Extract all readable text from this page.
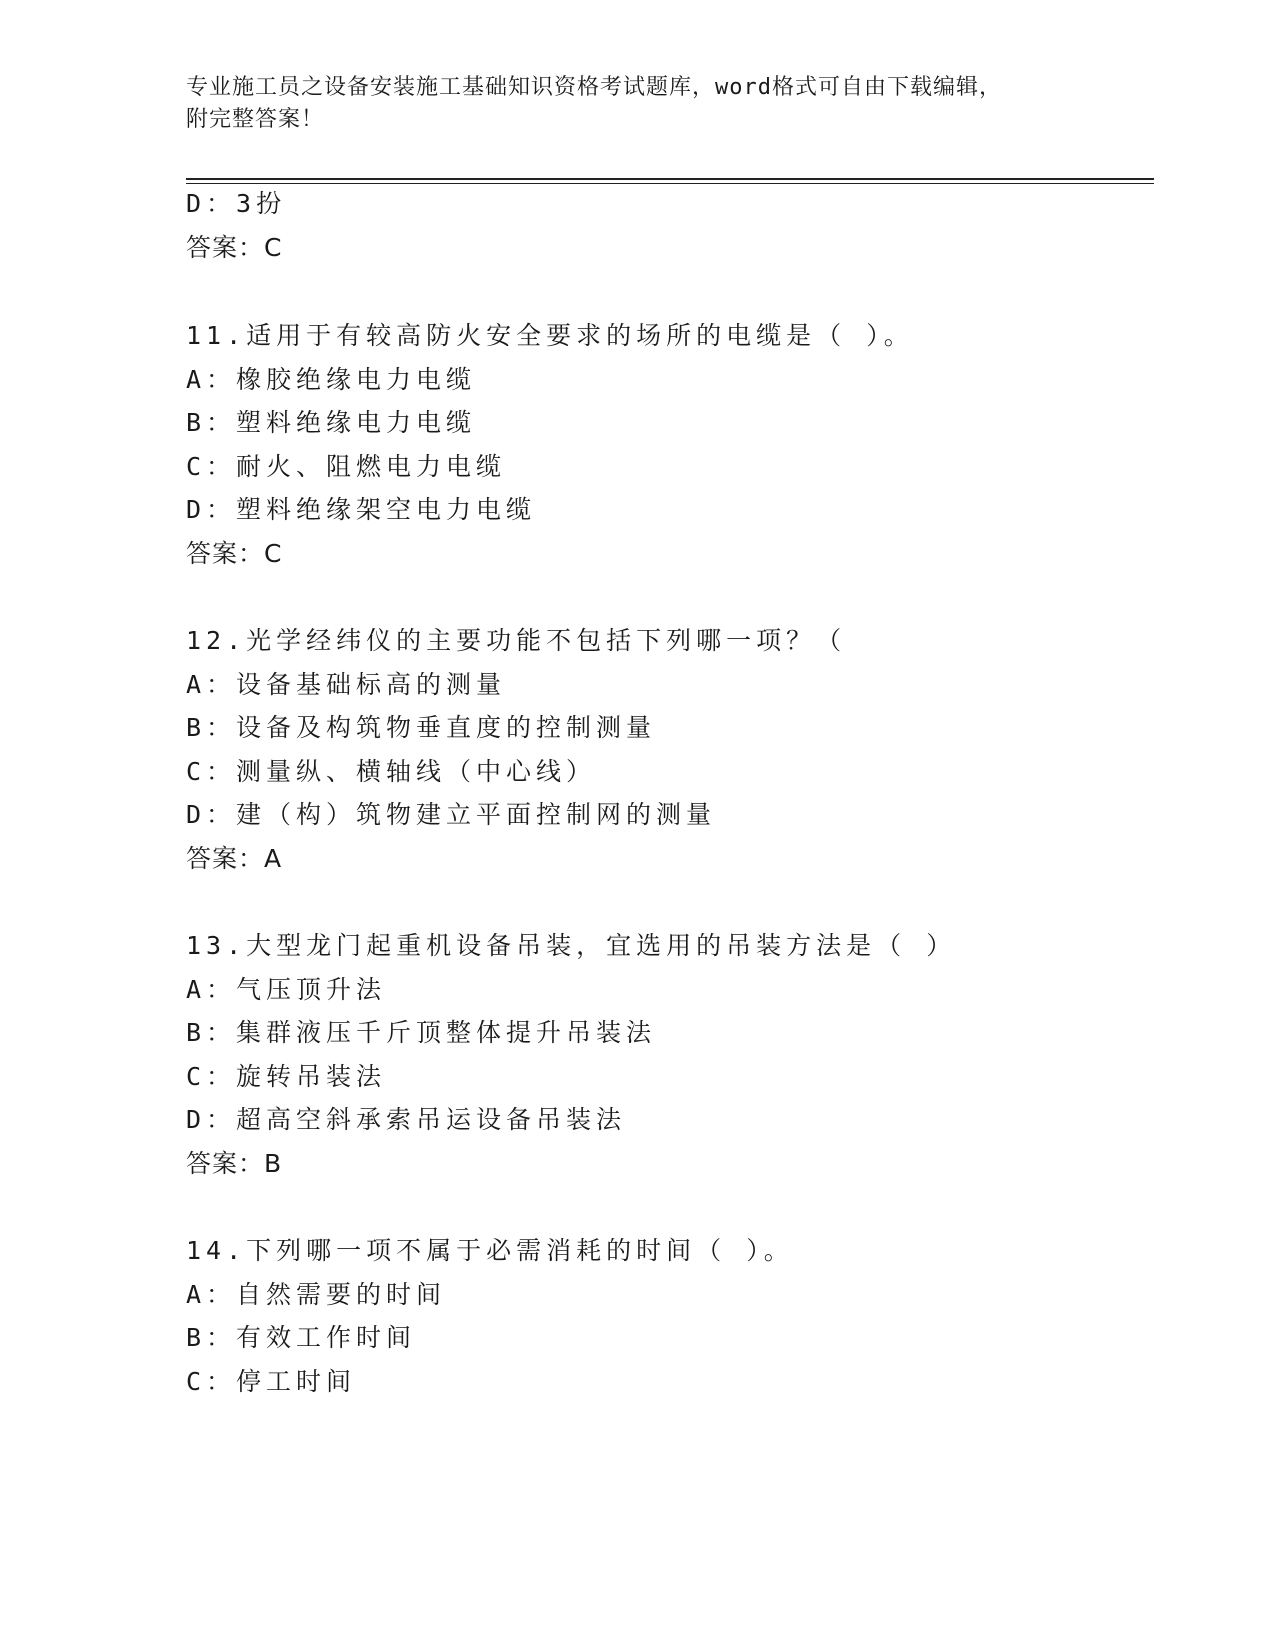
专业施工员之设备安装施工基础知识资格考试题库，word格式可自由下载编辑，
附完整答案！
D：3扮
答案：C
11.适用于有较高防火安全要求的场所的电缆是（ ）。
A：橡胶绝缘电力电缆
B：塑料绝缘电力电缆
C：耐火、阻燃电力电缆
D：塑料绝缘架空电力电缆
答案：C
12.光学经纬仪的主要功能不包括下列哪一项？（
A：设备基础标高的测量
B：设备及构筑物垂直度的控制测量
C：测量纵、横轴线（中心线）
D：建（构）筑物建立平面控制网的测量
答案：A
13.大型龙门起重机设备吊装，宜选用的吊装方法是（ ）
A：气压顶升法
B：集群液压千斤顶整体提升吊装法
C：旋转吊装法
D：超高空斜承索吊运设备吊装法
答案：B
14.下列哪一项不属于必需消耗的时间（ ）。
A：自然需要的时间
B：有效工作时间
C：停工时间
